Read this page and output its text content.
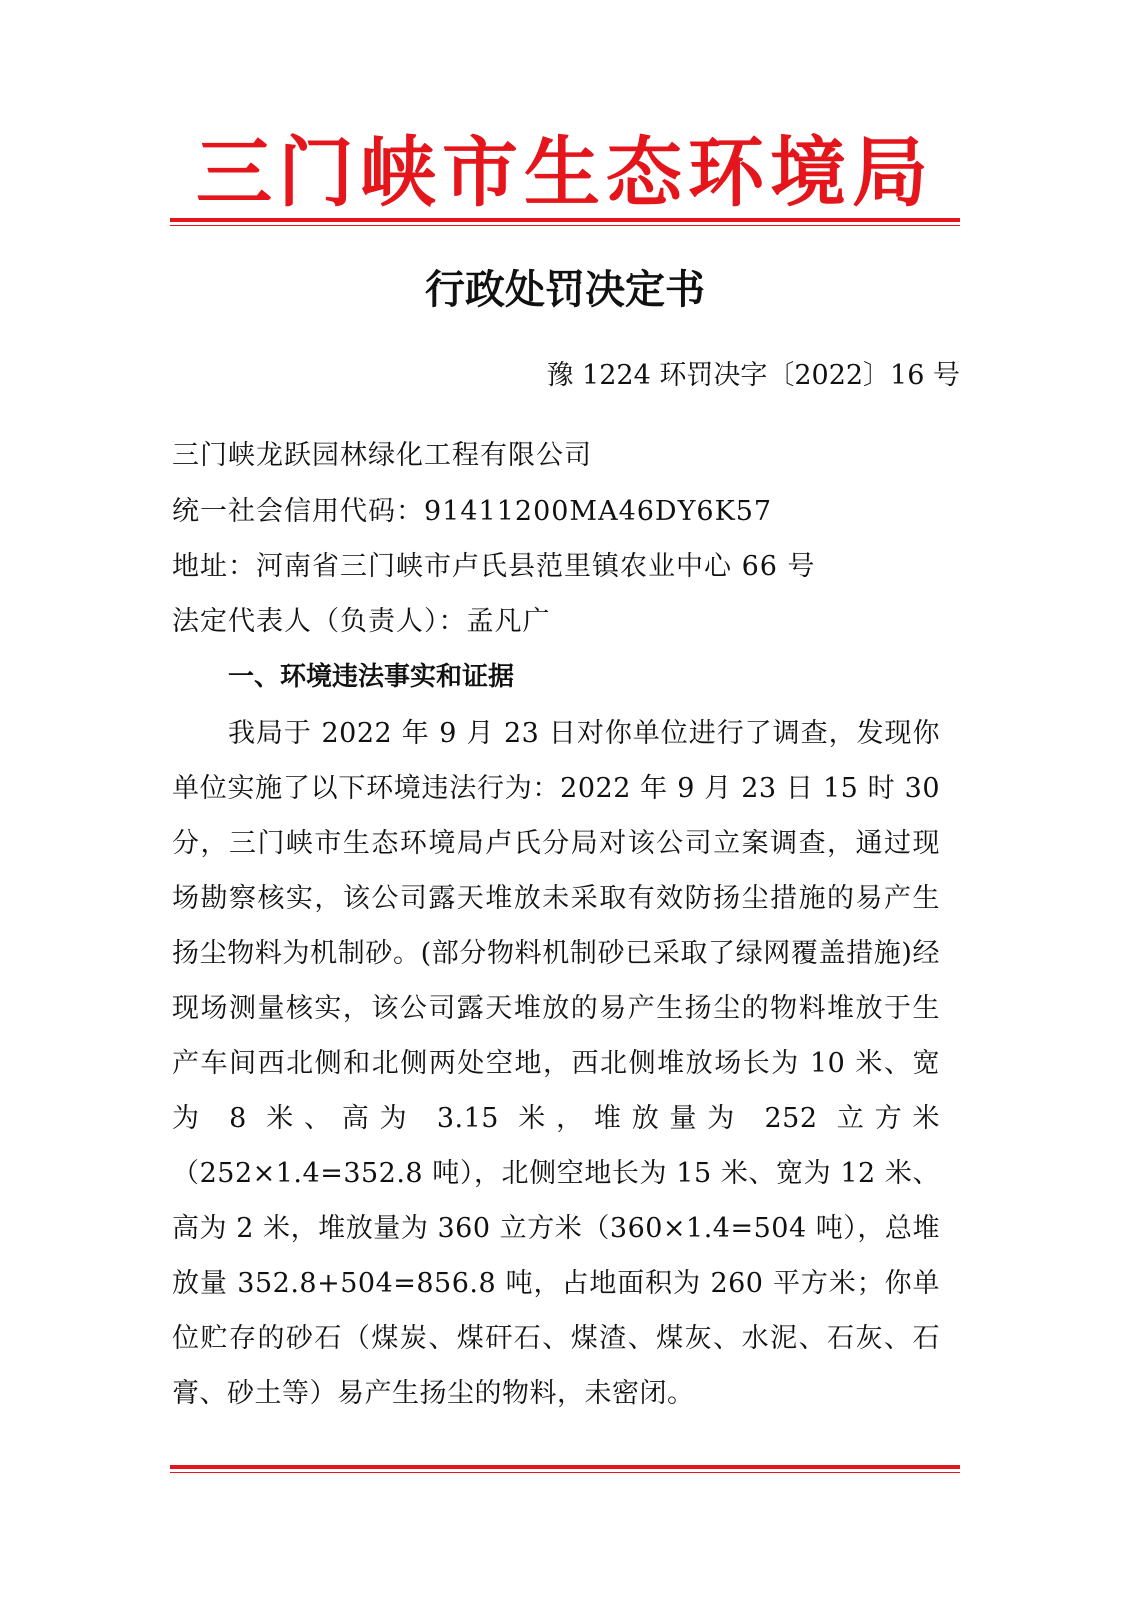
三门峡市生态环境局
行政处罚决定书
豫 1224 环罚决字〔2022〕16 号
三门峡龙跃园林绿化工程有限公司
统一社会信用代码：91411200MA46DY6K57
地址：河南省三门峡市卢氏县范里镇农业中心 66 号
法定代表人（负责人）：孟凡广
一、环境违法事实和证据

我局于 2022 年 9 月 23 日对你单位进行了调查，发现你单位实施了以下环境违法行为：2022 年 9 月 23 日 15 时 30 分，三门峡市生态环境局卢氏分局对该公司立案调查，通过现场勘察核实，该公司露天堆放未采取有效防扬尘措施的易产生扬尘物料为机制砂。(部分物料机制砂已采取了绿网覆盖措施)经现场测量核实，该公司露天堆放的易产生扬尘的物料堆放于生产车间西北侧和北侧两处空地，西北侧堆放场长为 10 米、宽为 8 米、高为 3.15 米，堆放量为 252 立方米（252×1.4=352.8 吨），北侧空地长为 15 米、宽为 12 米、高为 2 米，堆放量为 360 立方米（360×1.4=504 吨），总堆放量 352.8+504=856.8 吨，占地面积为 260 平方米；你单位贮存的砂石（煤炭、煤矸石、煤渣、煤灰、水泥、石灰、石膏、砂土等）易产生扬尘的物料，未密闭。
